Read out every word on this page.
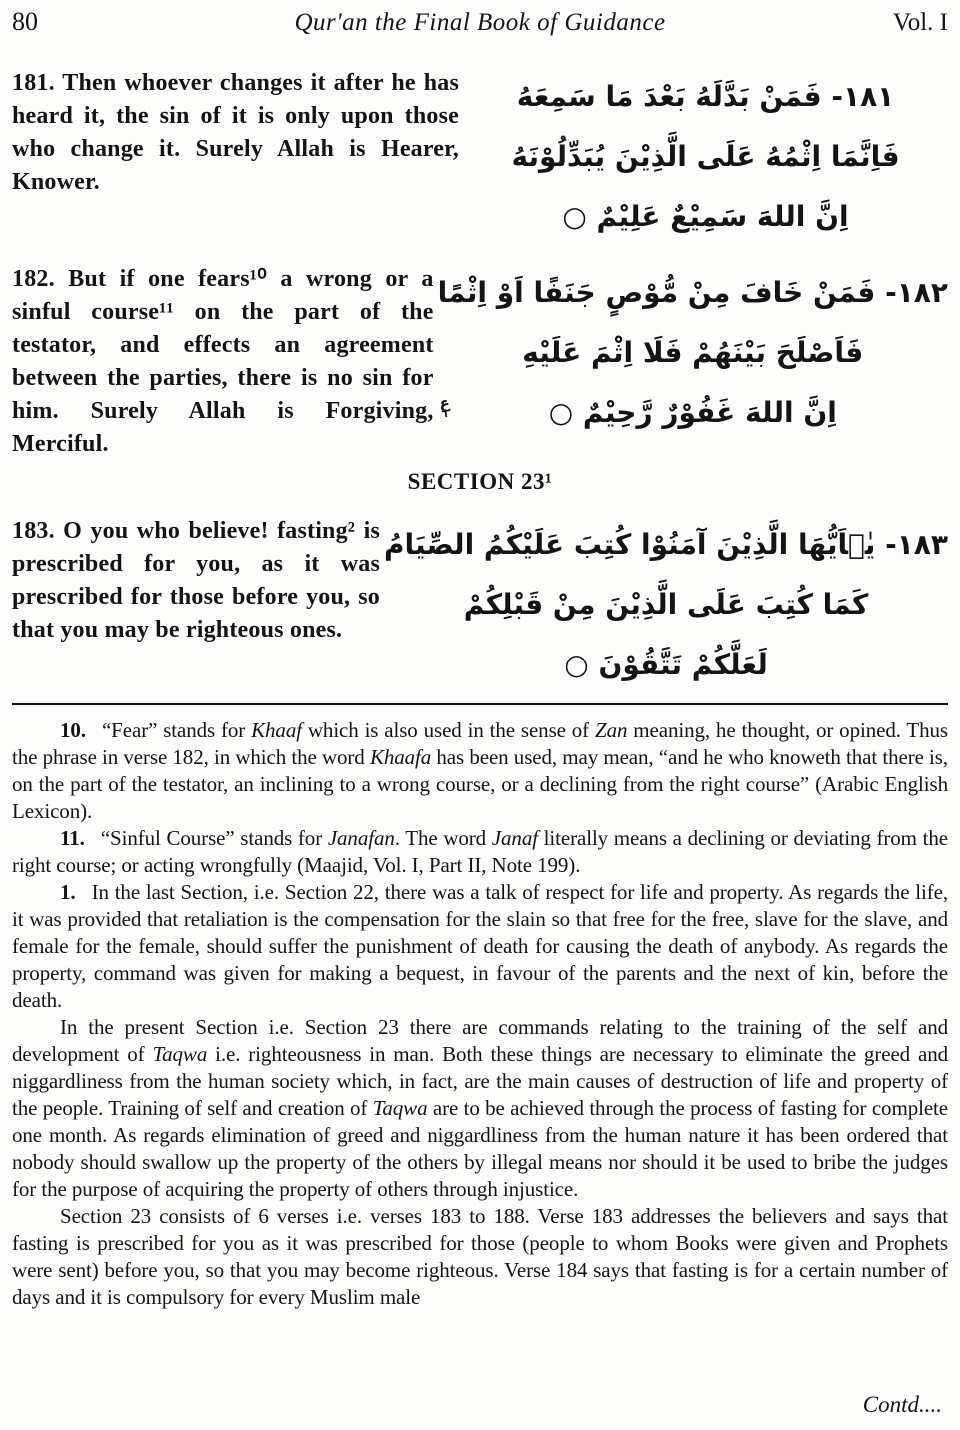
80	Qur'an the Final Book of Guidance	Vol. I
181. Then whoever changes it after he has heard it, the sin of it is only upon those who change it. Surely Allah is Hearer, Knower.
١٨١- فَمَنْ بَدَّلَهُ بَعْدَ مَا سَمِعَهُ
فَاِنَّمَا اِثْمُهُ عَلَى الَّذِيْنَ يُبَدِّلُوْنَهُ
اِنَّ اللهَ سَمِيْعٌ عَلِيْمٌ ○
182. But if one fears¹⁰ a wrong or a sinful course¹¹ on the part of the testator, and effects an agreement between the parties, there is no sin for him. Surely Allah is Forgiving, Merciful.
١٨٢- فَمَنْ خَافَ مِنْ مُّوْصٍ جَنَفًا اَوْ اِثْمًا
فَاَصْلَحَ بَيْنَهُمْ فَلَا اِثْمَ عَلَيْهِ
اِنَّ اللهَ غَفُوْرٌ رَّحِيْمٌ ○
ع
٦
SECTION 23¹
183. O you who believe! fasting² is prescribed for you, as it was prescribed for those before you, so that you may be righteous ones.
١٨٣- يٰۤاَيُّهَا الَّذِيْنَ آمَنُوْا كُتِبَ عَلَيْكُمُ الصِّيَامُ
كَمَا كُتِبَ عَلَى الَّذِيْنَ مِنْ قَبْلِكُمْ
لَعَلَّكُمْ تَتَّقُوْنَ ○

10. “Fear” stands for Khaaf which is also used in the sense of Zan meaning, he thought, or opined. Thus the phrase in verse 182, in which the word Khaafa has been used, may mean, “and he who knoweth that there is, on the part of the testator, an inclining to a wrong course, or a declining from the right course” (Arabic English Lexicon).

11. “Sinful Course” stands for Janafan. The word Janaf literally means a declining or deviating from the right course; or acting wrongfully (Maajid, Vol. I, Part II, Note 199).

1. In the last Section, i.e. Section 22, there was a talk of respect for life and property. As regards the life, it was provided that retaliation is the compensation for the slain so that free for the free, slave for the slave, and female for the female, should suffer the punishment of death for causing the death of anybody. As regards the property, command was given for making a bequest, in favour of the parents and the next of kin, before the death.

In the present Section i.e. Section 23 there are commands relating to the training of the self and development of Taqwa i.e. righteousness in man. Both these things are necessary to eliminate the greed and niggardliness from the human society which, in fact, are the main causes of destruction of life and property of the people. Training of self and creation of Taqwa are to be achieved through the process of fasting for complete one month. As regards elimination of greed and niggardliness from the human nature it has been ordered that nobody should swallow up the property of the others by illegal means nor should it be used to bribe the judges for the purpose of acquiring the property of others through injustice.

Section 23 consists of 6 verses i.e. verses 183 to 188. Verse 183 addresses the believers and says that fasting is prescribed for you as it was prescribed for those (people to whom Books were given and Prophets were sent) before you, so that you may become righteous. Verse 184 says that fasting is for a certain number of days and it is compulsory for every Muslim male

Contd....
